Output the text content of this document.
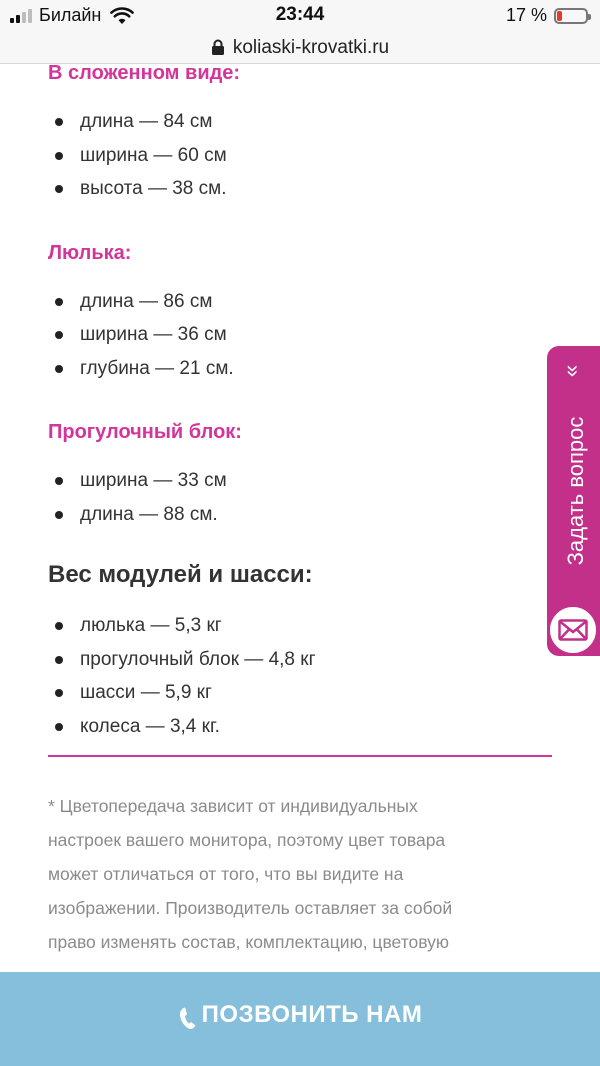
Билайн	23:44	17 %
koliaski-krovatki.ru
В сложенном виде:
длина — 84 см
ширина — 60 см
высота — 38 см.
Люлька:
длина — 86 см
ширина — 36 см
глубина — 21 см.
Прогулочный блок:
ширина — 33 см
длина — 88 см.
Вес модулей и шасси:
люлька — 5,3 кг
прогулочный блок — 4,8 кг
шасси — 5,9 кг
колеса — 3,4 кг.
* Цветопередача зависит от индивидуальных
настроек вашего монитора, поэтому цвет товара
может отличаться от того, что вы видите на
изображении. Производитель оставляет за собой
право изменять состав, комплектацию, цветовую
«
Задать вопрос
ПОЗВОНИТЬ НАМ
